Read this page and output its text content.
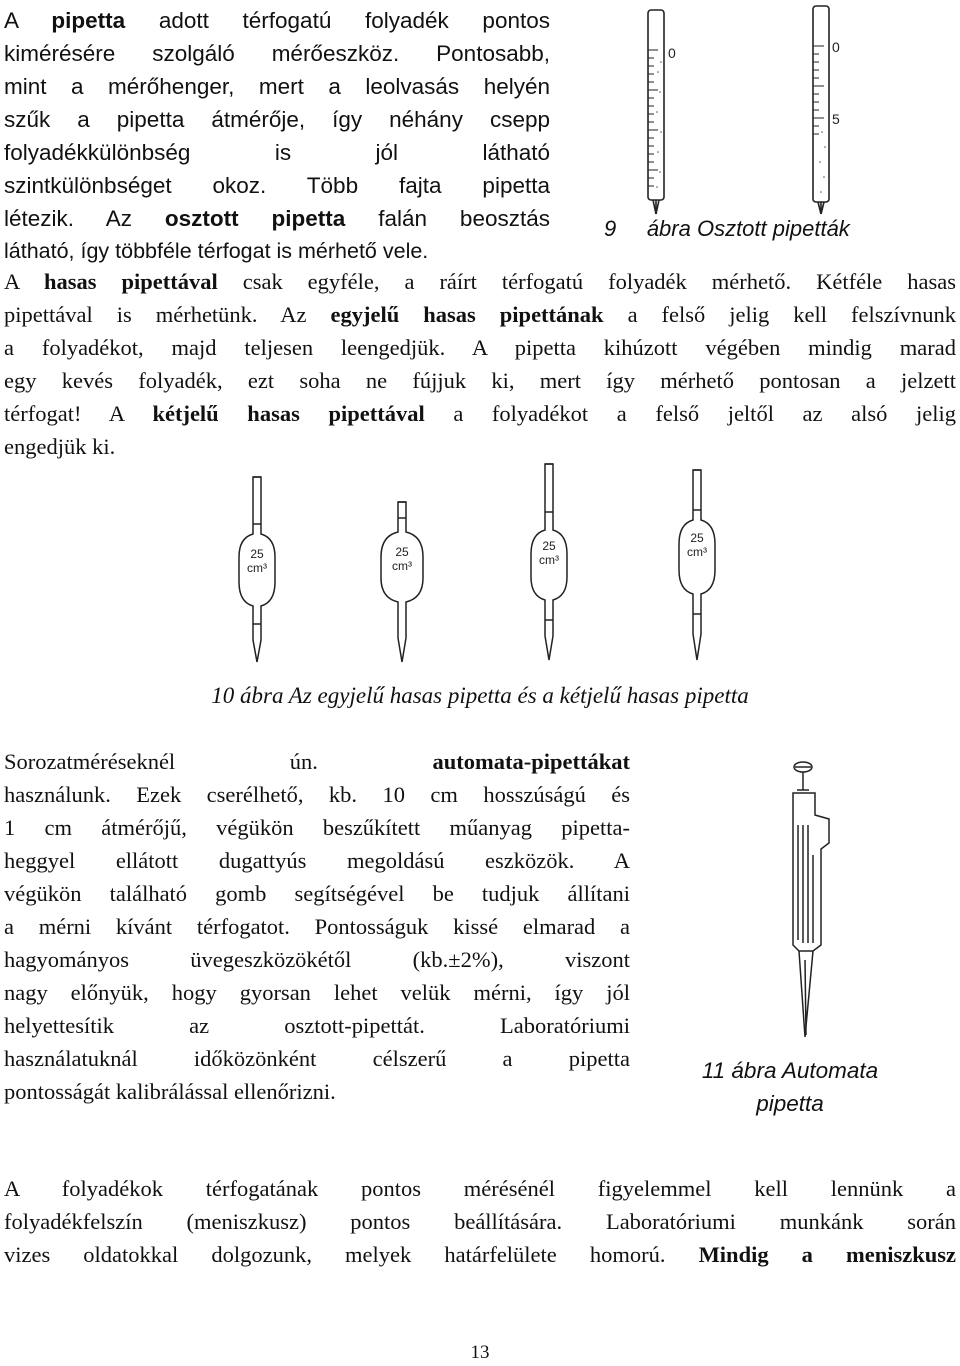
A pipetta adott térfogatú folyadék pontos
kimérésére szolgáló mérőeszköz. Pontosabb,
mint a mérőhenger, mert a leolvasás helyén
szűk a pipetta átmérője, így néhány csepp
folyadékkülönbség is jól látható
szintkülönbséget okoz. Több fajta pipetta
létezik. Az osztott pipetta falán beosztás
látható, így többféle térfogat is mérhető vele.
0	0
5
9 ábra Osztott pipetták
A hasas pipettával csak egyféle, a ráírt térfogatú folyadék mérhető. Kétféle hasas
pipettával is mérhetünk. Az egyjelű hasas pipettának a felső jelig kell felszívnunk
a folyadékot, majd teljesen leengedjük. A pipetta kihúzott végében mindig marad
egy kevés folyadék, ezt soha ne fújjuk ki, mert így mérhető pontosan a jelzett
térfogat! A kétjelű hasas pipettával a folyadékot a felső jeltől az alsó jelig
engedjük ki.
25
cm³
25
cm³
25
cm³
25
cm³
10 ábra Az egyjelű hasas pipetta és a kétjelű hasas pipetta
Sorozatméréseknél ún. automata-pipettákat
használunk. Ezek cserélhető, kb. 10 cm hosszúságú és
1 cm átmérőjű, végükön beszűkített műanyag pipetta-
heggyel ellátott dugattyús megoldású eszközök. A
végükön található gomb segítségével be tudjuk állítani
a mérni kívánt térfogatot. Pontosságuk kissé elmarad a
hagyományos üvegeszközökétől (kb.±2%), viszont
nagy előnyük, hogy gyorsan lehet velük mérni, így jól
helyettesítik az osztott-pipettát. Laboratóriumi
használatuknál időközönként célszerű a pipetta
pontosságát kalibrálással ellenőrizni.
11 ábra Automata
pipetta
A folyadékok térfogatának pontos mérésénél figyelemmel kell lennünk a
folyadékfelszín (meniszkusz) pontos beállítására. Laboratóriumi munkánk során
vizes oldatokkal dolgozunk, melyek határfelülete homorú. Mindig a meniszkusz
13
